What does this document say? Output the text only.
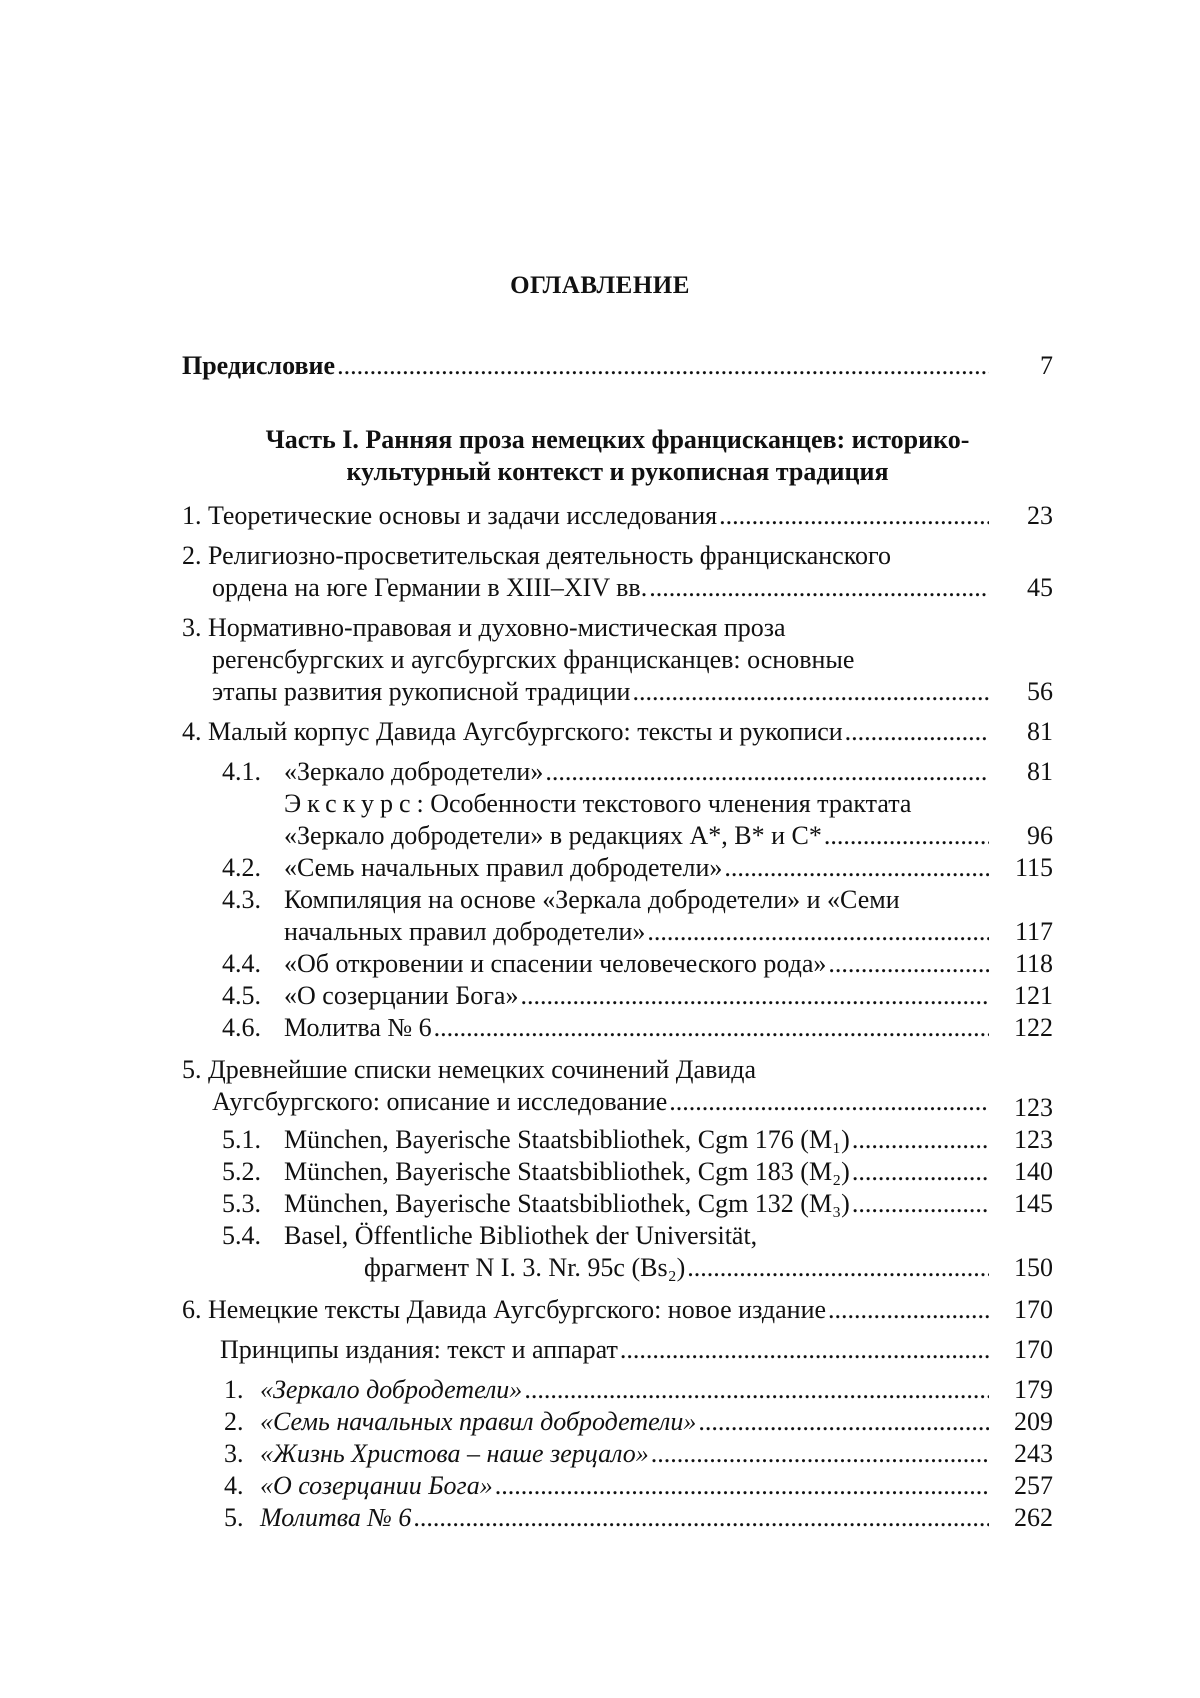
ОГЛАВЛЕНИЕ
Предисловие .....	7
Часть I. Ранняя проза немецких францисканцев: историко-
культурный контекст и рукописная традиция
1. Теоретические основы и задачи исследования .....	23
2. Религиозно-просветительская деятельность францисканского
ордена на юге Германии в XIII–XIV вв. .....	45
3. Нормативно-правовая и духовно-мистическая проза
регенсбургских и аугсбургских францисканцев: основные
этапы развития рукописной традиции .....	56
4. Малый корпус Давида Аугсбургского: тексты и рукописи .....	81
4.1. «Зеркало добродетели» .....	81
Экскурс: Особенности текстового членения трактата
«Зеркало добродетели» в редакциях A*, B* и C* .....	96
4.2. «Семь начальных правил добродетели» .....	115
4.3. Компиляция на основе «Зеркала добродетели» и «Семи
начальных правил добродетели» .....	117
4.4. «Об откровении и спасении человеческого рода» .....	118
4.5. «О созерцании Бога» .....	121
4.6. Молитва № 6 .....	122
5. Древнейшие списки немецких сочинений Давида
Аугсбургского: описание и исследование .....	123
5.1. München, Bayerische Staatsbibliothek, Cgm 176 (M₁) .....	123
5.2. München, Bayerische Staatsbibliothek, Cgm 183 (M₂) .....	140
5.3. München, Bayerische Staatsbibliothek, Cgm 132 (M₃) .....	145
5.4. Basel, Öffentliche Bibliothek der Universität,
фрагмент N I. 3. Nr. 95c (Bs₂) .....	150
6. Немецкие тексты Давида Аугсбургского: новое издание .....	170
Принципы издания: текст и аппарат .....	170
1. «Зеркало добродетели» .....	179
2. «Семь начальных правил добродетели» .....	209
3. «Жизнь Христова – наше зерцало» .....	243
4. «О созерцании Бога» .....	257
5. Молитва № 6 .....	262
